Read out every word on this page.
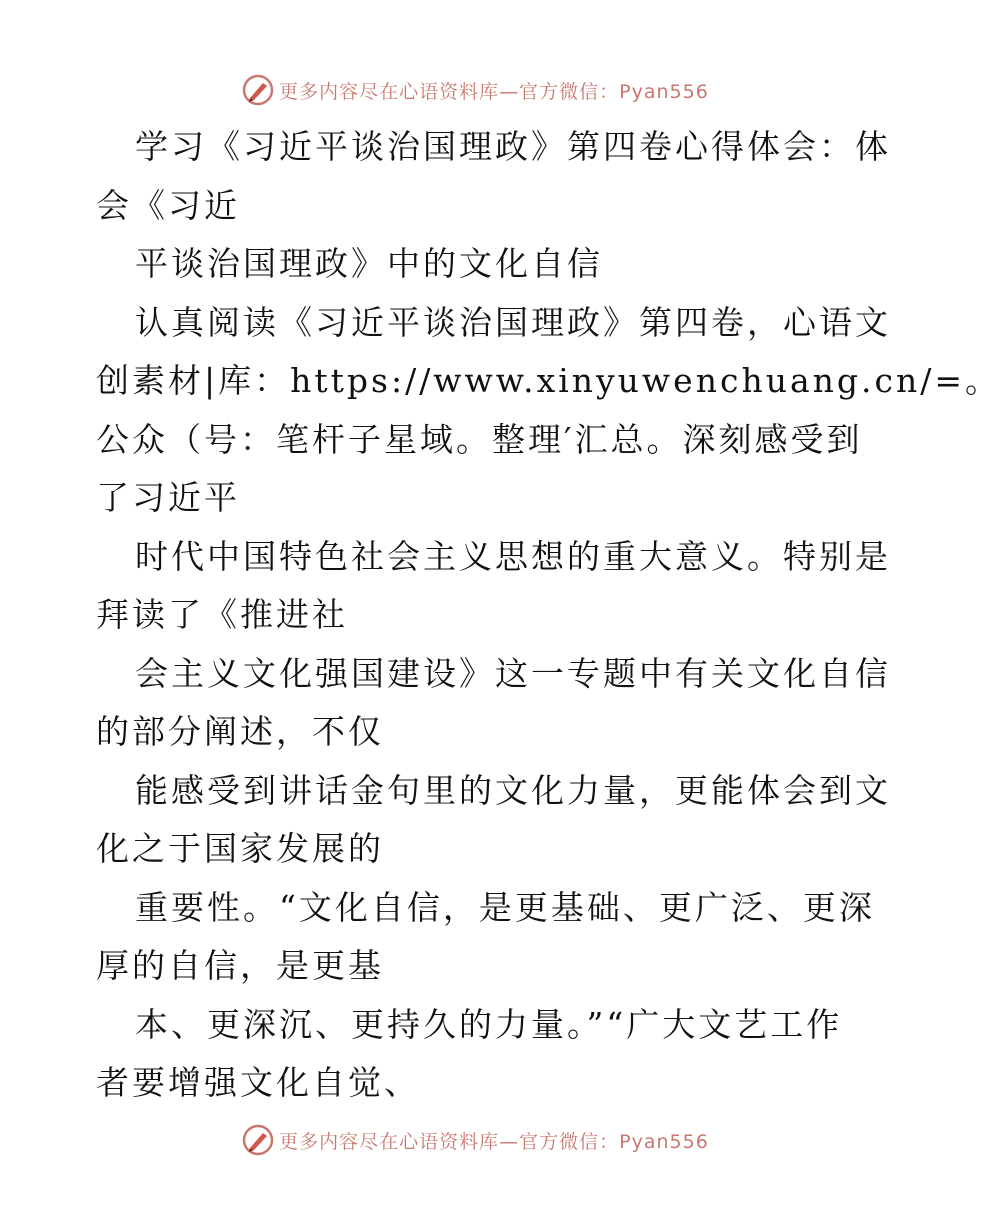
更多内容尽在心语资料库—官方微信：Pyan556
学习《习近平谈治国理政》第四卷心得体会：体
会《习近
平谈治国理政》中的文化自信
认真阅读《习近平谈治国理政》第四卷，心语文
创素材|库：https://www.xinyuwenchuang.cn/=。
公众（号：笔杆子星域。整理′汇总。深刻感受到
了习近平
时代中国特色社会主义思想的重大意义。特别是
拜读了《推进社
会主义文化强国建设》这一专题中有关文化自信
的部分阐述，不仅
能感受到讲话金句里的文化力量，更能体会到文
化之于国家发展的
重要性。“文化自信，是更基础、更广泛、更深
厚的自信，是更基
本、更深沉、更持久的力量。”“广大文艺工作
者要增强文化自觉、
更多内容尽在心语资料库—官方微信：Pyan556
